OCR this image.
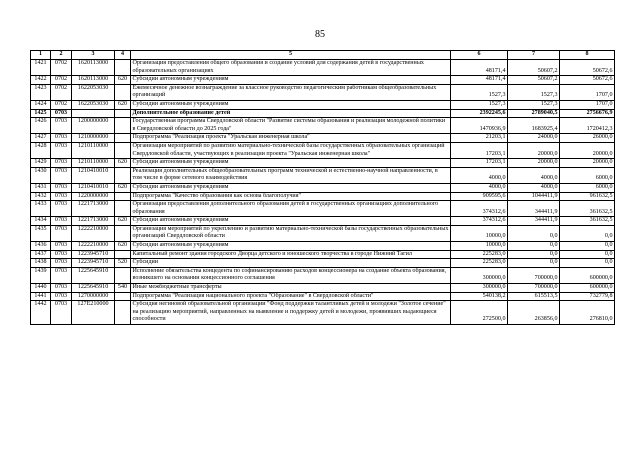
85
1	2	3	4	5	6	7	8
1421	0702	1620113000		Организация предоставления общего образования и создание условий для содержания детей в государственных образовательных организациях	48171,4	50607,2	50672,6
1422	0702	1620113000	620	Субсидии автономным учреждениям	48171,4	50607,2	50672,6
1423	0702	1622053030		Ежемесячное денежное вознаграждение за классное руководство педагогическим работникам общеобразовательных организаций	1527,3	1527,3	1707,0
1424	0702	1622053030	620	Субсидии автономным учреждениям	1527,3	1527,3	1707,0
1425	0703			Дополнительное образование детей	2392245,6	2789040,5	2756676,9
1426	0703	1200000000		Государственная программа Свердловской области "Развитие системы образования и реализация молодежной политики в Свердловской области до 2025 года"	1470936,9	1683925,4	1720412,3
1427	0703	1210000000		Подпрограмма "Реализация проекта "Уральская инженерная школа"	21203,1	24000,0	26000,0
1428	0703	1210110000		Организация мероприятий по развитию материально-технической базы государственных образовательных организаций Свердловской области, участвующих в реализации проекта "Уральская инженерная школа"	17203,1	20000,0	20000,0
1429	0703	1210110000	620	Субсидии автономным учреждениям	17203,1	20000,0	20000,0
1430	0703	1210410010		Реализация дополнительных общеобразовательных программ технической и естественно-научной направленности, в том числе в форме сетевого взаимодействия	4000,0	4000,0	6000,0
1431	0703	1210410010	620	Субсидии автономным учреждениям	4000,0	4000,0	6000,0
1432	0703	1220000000		Подпрограмма "Качество образования как основа благополучия"	909595,6	1044411,9	961632,5
1433	0703	1221713000		Организация предоставления дополнительного образования детей в государственных организациях дополнительного образования	374312,6	344411,9	361632,5
1434	0703	1221713000	620	Субсидии автономным учреждениям	374312,6	344411,9	361632,5
1435	0703	1222210000		Организация мероприятий по укреплению и развитию материально-технической базы государственных образовательных организаций Свердловской области	10000,0	0,0	0,0
1436	0703	1222210000	620	Субсидии автономным учреждениям	10000,0	0,0	0,0
1437	0703	1223945710		Капитальный ремонт здания городского Дворца детского и юношеского творчества в городе Нижний Тагил	225283,0	0,0	0,0
1438	0703	1223945710	520	Субсидии	225283,0	0,0	0,0
1439	0703	1225645910		Исполнение обязательства концедента по софинансированию расходов концессионера на создание объекта образования, возникшего на основании концессионного соглашения	300000,0	700000,0	600000,0
1440	0703	1225645910	540	Иные межбюджетные трансферты	300000,0	700000,0	600000,0
1441	0703	1270000000		Подпрограмма "Реализация национального проекта "Образование" в Свердловской области"	540138,2	615513,5	732779,8
1442	0703	127E210000		Субсидия негиновой образовательной организации "Фонд поддержки талантливых детей и молодежи "Золотое сечение" на реализацию мероприятий, направленных на выявление и поддержку детей и молодежи, проявивших выдающиеся способности	272500,0	263856,0	276810,0
